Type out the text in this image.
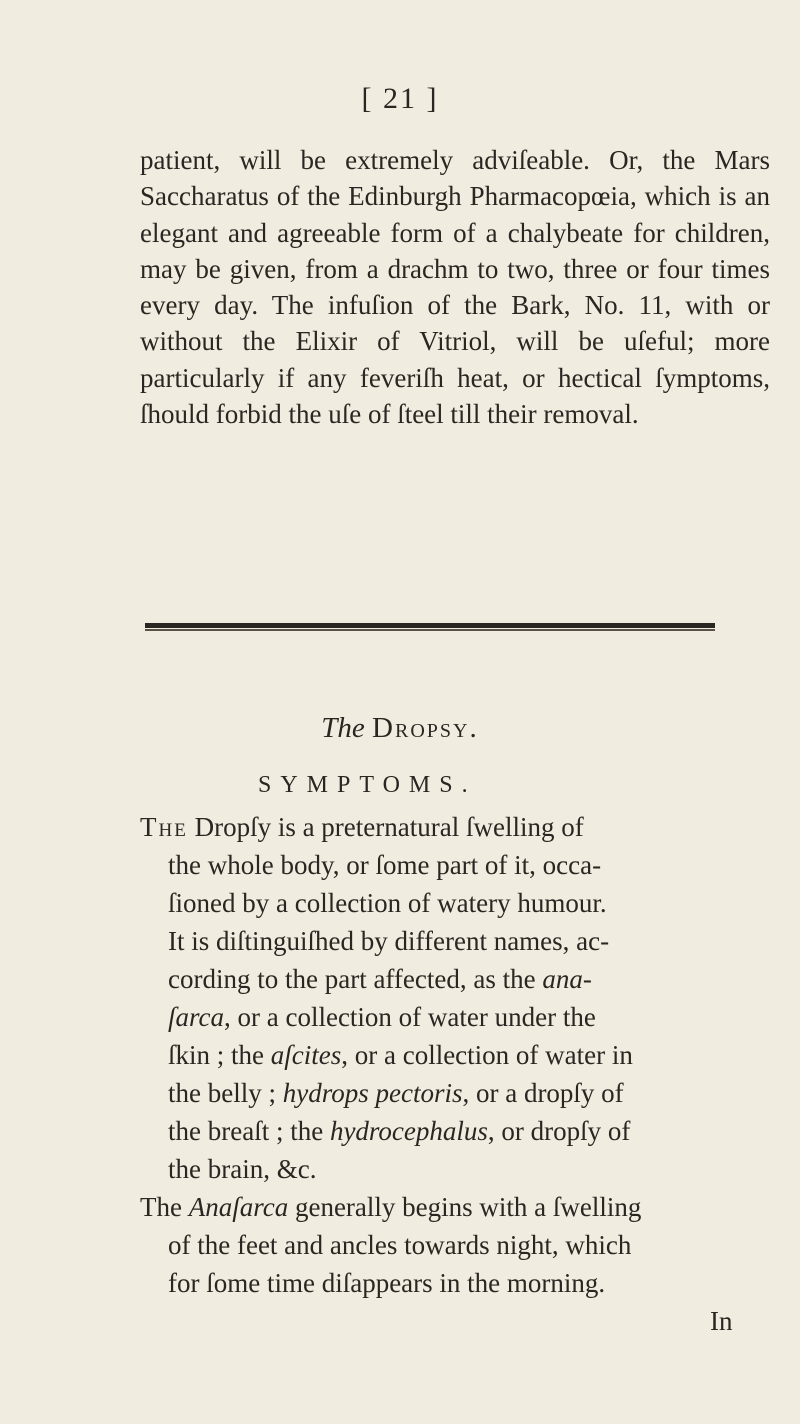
[ 21 ]
patient, will be extremely adviſeable. Or, the Mars Saccharatus of the Edinburgh Pharmacopœia, which is an elegant and agreeable form of a chalybeate for children, may be given, from a drachm to two, three or four times every day. The infuſion of the Bark, No. 11, with or without the Elixir of Vitriol, will be uſeful; more particularly if any feveriſh heat, or hectical ſymptoms, ſhould forbid the uſe of ſteel till their removal.
The Dropsy.
SYMPTOMS.
The Dropſy is a preternatural ſwelling of
the whole body, or ſome part of it, occa-
ſioned by a collection of watery humour.
It is diſtinguiſhed by different names, ac-
cording to the part affected, as the ana-
ſarca, or a collection of water under the
ſkin ; the aſcites, or a collection of water in
the belly ; hydrops pectoris, or a dropſy of
the breaſt ; the hydrocephalus, or dropſy of
the brain, &c.
The Anaſarca generally begins with a ſwelling
of the feet and ancles towards night, which
for ſome time diſappears in the morning.
In
